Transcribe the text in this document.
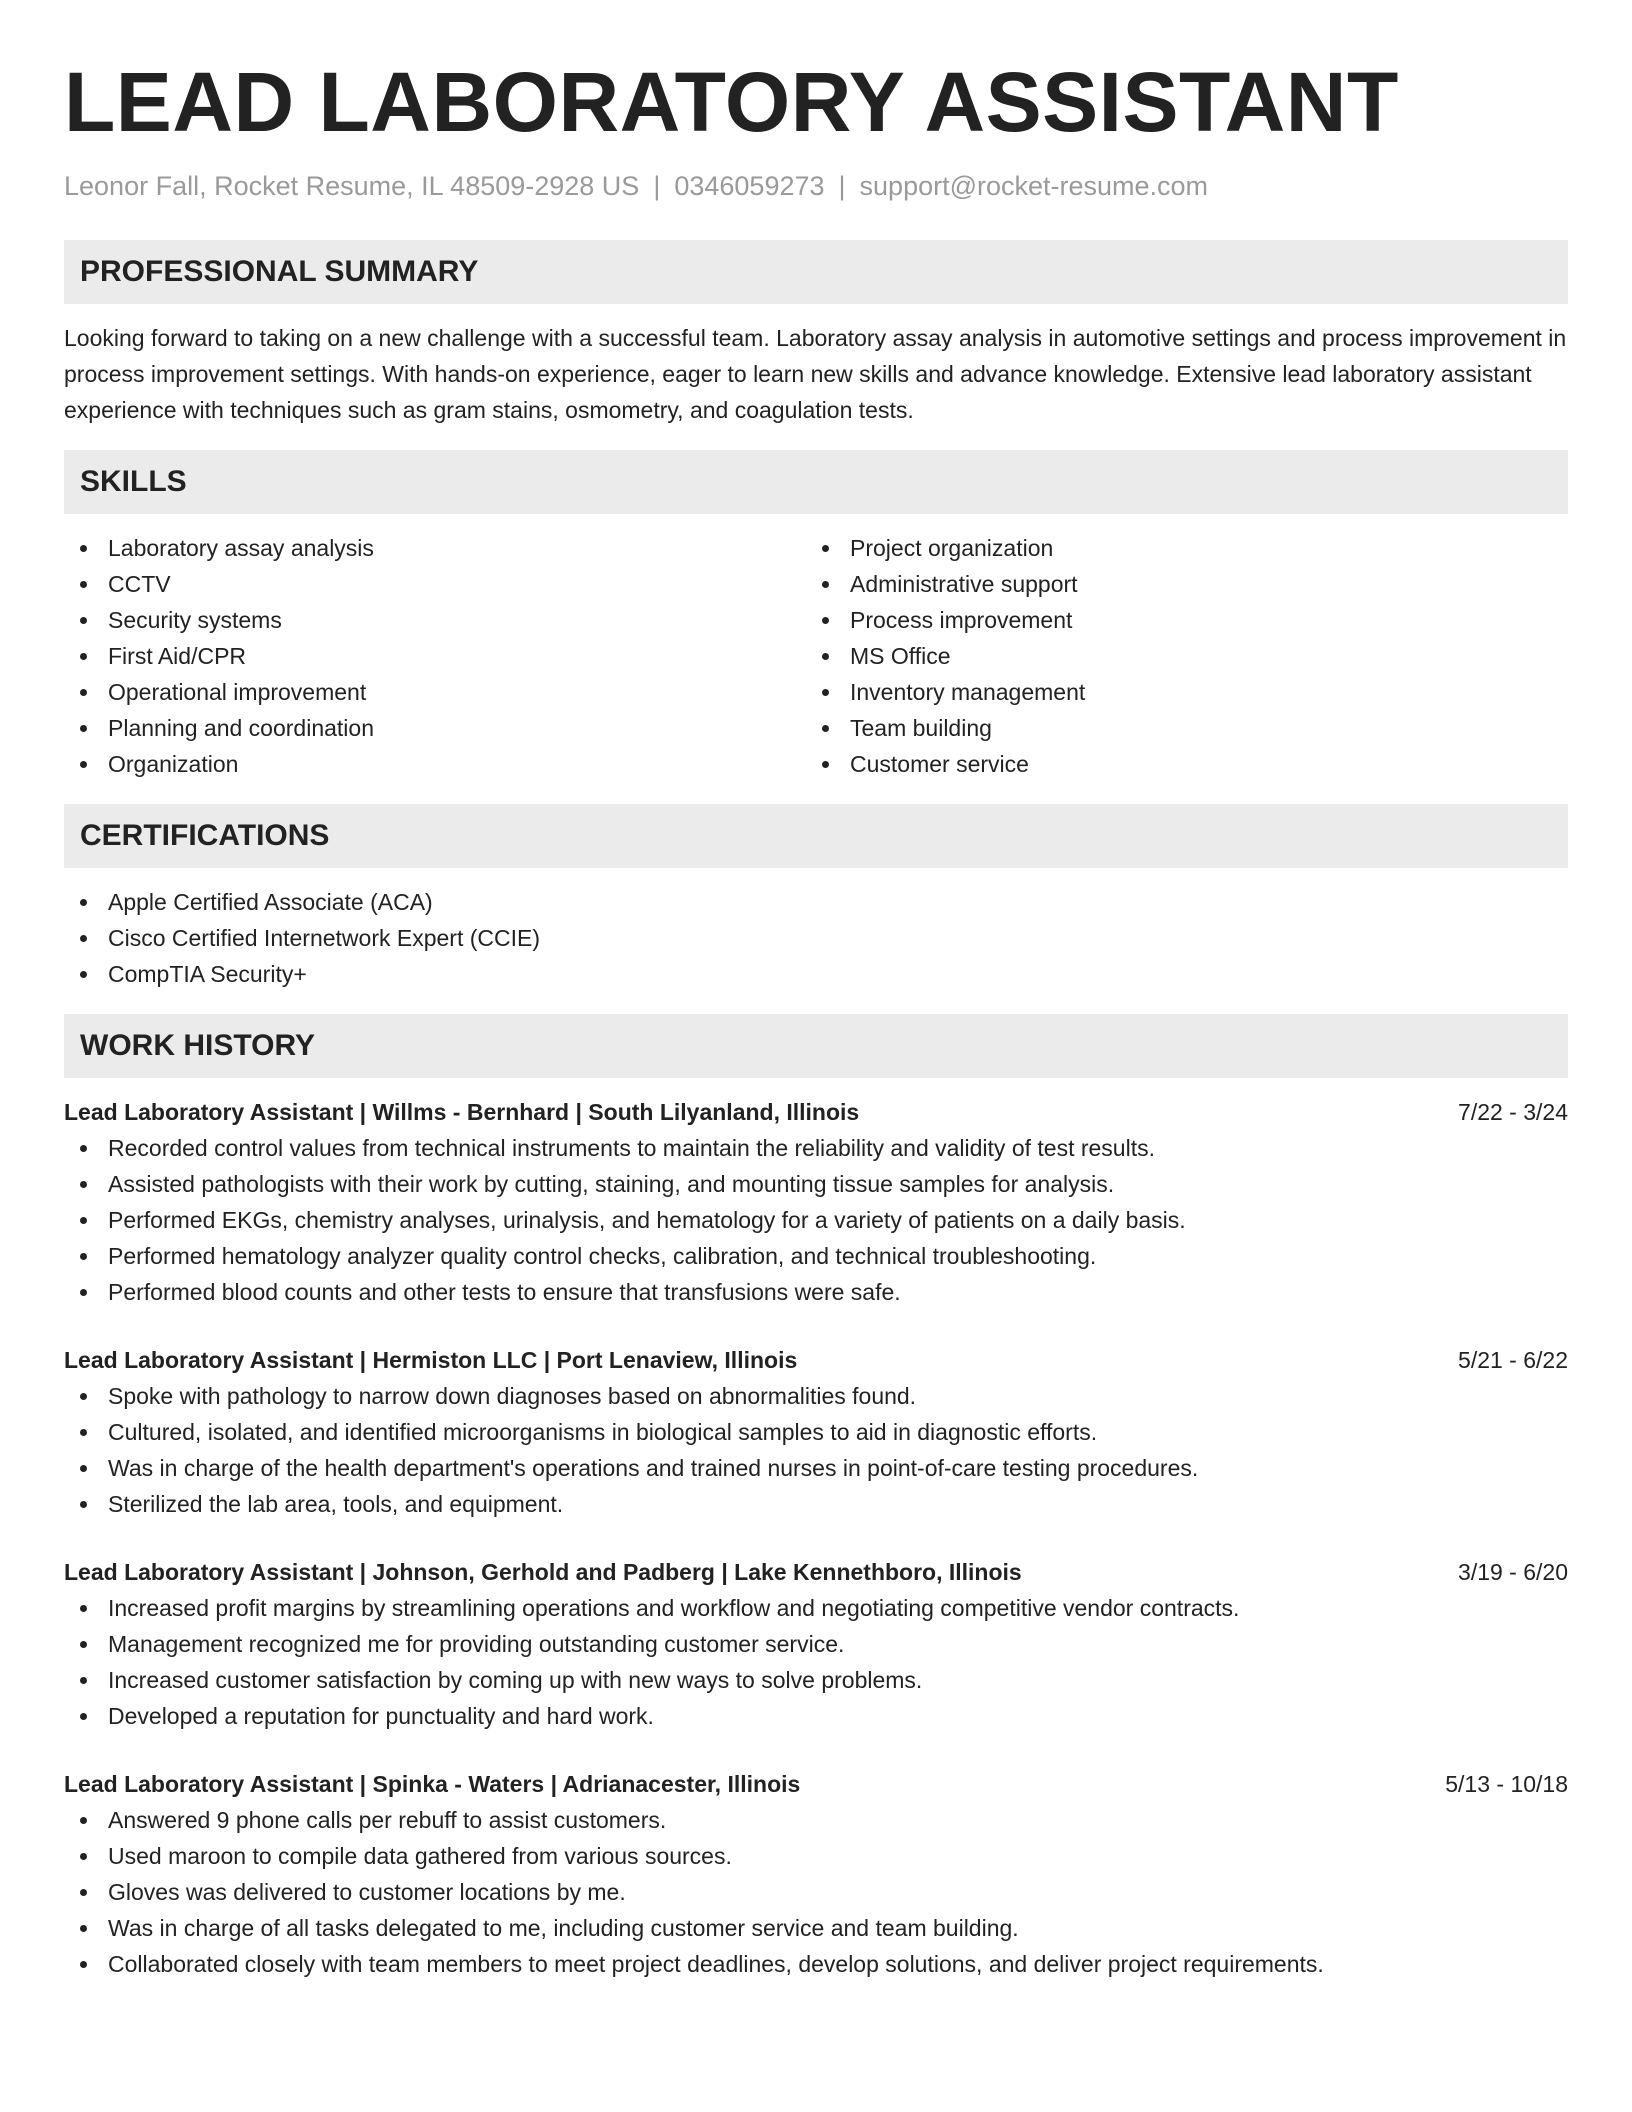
LEAD LABORATORY ASSISTANT
Leonor Fall, Rocket Resume, IL 48509-2928 US | 0346059273 | support@rocket-resume.com
PROFESSIONAL SUMMARY

Looking forward to taking on a new challenge with a successful team. Laboratory assay analysis in automotive settings and process improvement in process improvement settings. With hands-on experience, eager to learn new skills and advance knowledge. Extensive lead laboratory assistant experience with techniques such as gram stains, osmometry, and coagulation tests.

SKILLS
Laboratory assay analysis
CCTV
Security systems
First Aid/CPR
Operational improvement
Planning and coordination
Organization
Project organization
Administrative support
Process improvement
MS Office
Inventory management
Team building
Customer service
CERTIFICATIONS
Apple Certified Associate (ACA)
Cisco Certified Internetwork Expert (CCIE)
CompTIA Security+
WORK HISTORY
Lead Laboratory Assistant | Willms - Bernhard | South Lilyanland, Illinois	7/22 - 3/24
Recorded control values from technical instruments to maintain the reliability and validity of test results.
Assisted pathologists with their work by cutting, staining, and mounting tissue samples for analysis.
Performed EKGs, chemistry analyses, urinalysis, and hematology for a variety of patients on a daily basis.
Performed hematology analyzer quality control checks, calibration, and technical troubleshooting.
Performed blood counts and other tests to ensure that transfusions were safe.
Lead Laboratory Assistant | Hermiston LLC | Port Lenaview, Illinois	5/21 - 6/22
Spoke with pathology to narrow down diagnoses based on abnormalities found.
Cultured, isolated, and identified microorganisms in biological samples to aid in diagnostic efforts.
Was in charge of the health department's operations and trained nurses in point-of-care testing procedures.
Sterilized the lab area, tools, and equipment.
Lead Laboratory Assistant | Johnson, Gerhold and Padberg | Lake Kennethboro, Illinois	3/19 - 6/20
Increased profit margins by streamlining operations and workflow and negotiating competitive vendor contracts.
Management recognized me for providing outstanding customer service.
Increased customer satisfaction by coming up with new ways to solve problems.
Developed a reputation for punctuality and hard work.
Lead Laboratory Assistant | Spinka - Waters | Adrianacester, Illinois	5/13 - 10/18
Answered 9 phone calls per rebuff to assist customers.
Used maroon to compile data gathered from various sources.
Gloves was delivered to customer locations by me.
Was in charge of all tasks delegated to me, including customer service and team building.
Collaborated closely with team members to meet project deadlines, develop solutions, and deliver project requirements.
